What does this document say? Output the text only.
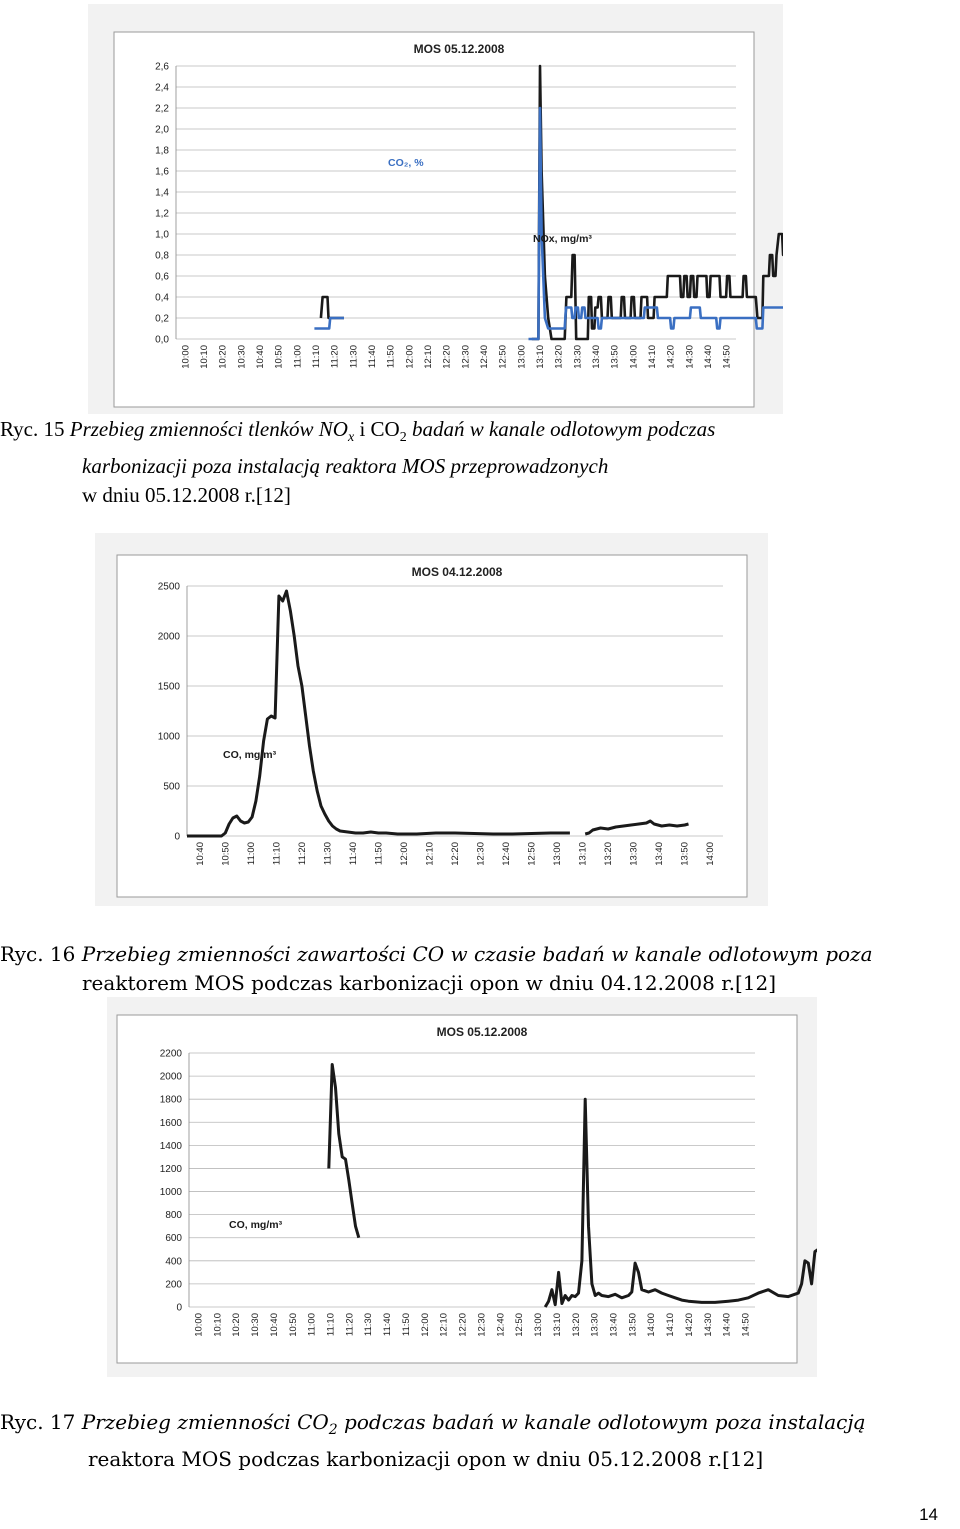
0,0
0,2
0,4
0,6
0,8
1,0
1,2
1,4
1,6
1,8
2,0
2,2
2,4
2,6
10:00 10:10 10:20 10:30 10:40 10:50 11:00 11:10 11:20 11:30 11:40 11:50 12:00 12:10 12:20 12:30 12:40 12:50 13:00 13:10 13:20 13:30 13:40 13:50 14:00 14:10 14:20 14:30 14:40 14:50
MOS 05.12.2008
CO₂, %
NOx, mg/m³
Ryc. 15 Przebieg zmienności tlenków $NO_x$ i $CO_2$ badań w kanale odlotowym podczas
karbonizacji poza instalacją reaktora MOS przeprowadzonych
w dniu 05.12.2008 r.[12]
0
500
1000
1500
2000
2500
10:40 10:50 11:00 11:10 11:20 11:30 11:40 11:50 12:00 12:10 12:20 12:30 12:40 12:50 13:00 13:10 13:20 13:30 13:40 13:50 14:00
MOS 04.12.2008
CO, mg/m³
Ryc. 16 Przebieg zmienności zawartości CO w czasie badań w kanale odlotowym poza
reaktorem MOS podczas karbonizacji opon w dniu 04.12.2008 r.[12]
0
200
400
600
800
1000
1200
1400
1600
1800
2000
2200
10:00 10:10 10:20 10:30 10:40 10:50 11:00 11:10 11:20 11:30 11:40 11:50 12:00 12:10 12:20 12:30 12:40 12:50 13:00 13:10 13:20 13:30 13:40 13:50 14:00 14:10 14:20 14:30 14:40 14:50
MOS 05.12.2008
CO, mg/m³
Ryc. 17 Przebieg zmienności $CO_2$ podczas badań w kanale odlotowym poza instalacją
reaktora MOS podczas karbonizacji opon w dniu 05.12.2008 r.[12]
14
